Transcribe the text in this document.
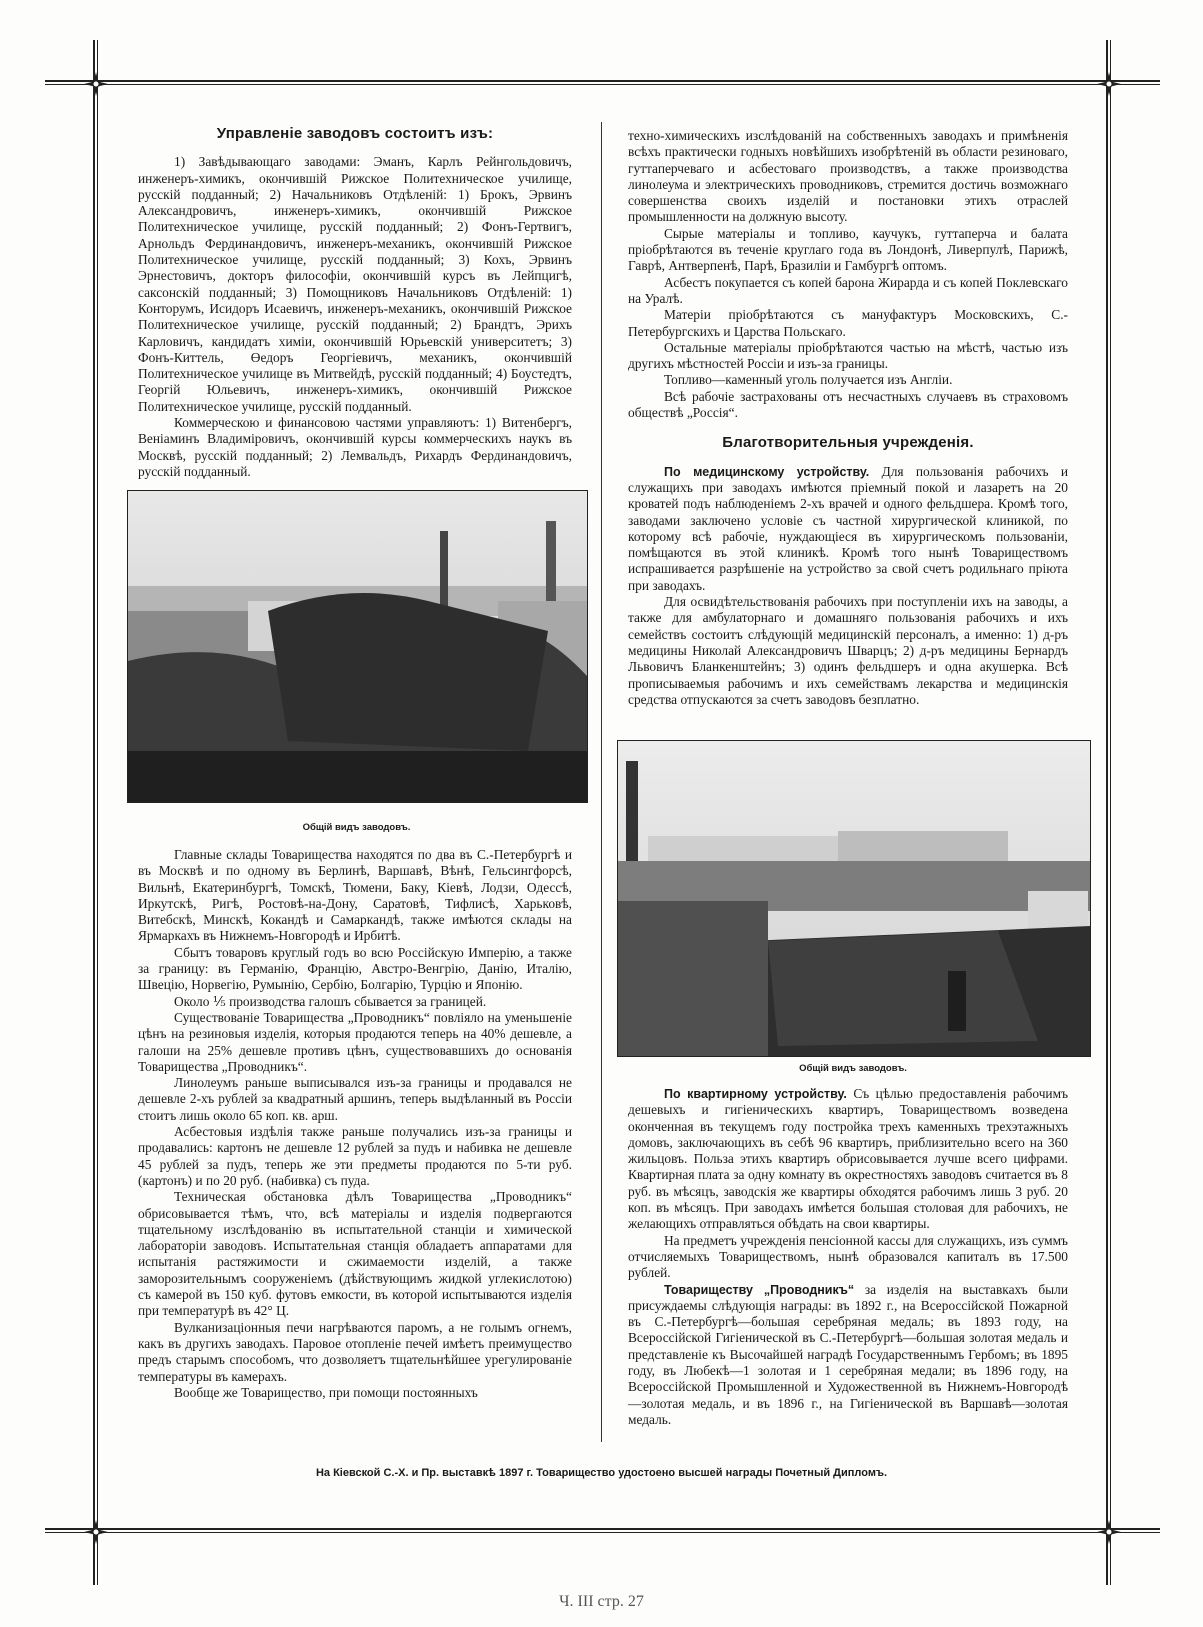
Управленіе заводовъ состоитъ изъ:

1) Завѣдывающаго заводами: Эманъ, Карлъ Рейнгольдовичъ, инженеръ-химикъ, окончившій Рижское Политехническое училище, русскій подданный; 2) Начальниковъ Отдѣленій: 1) Брокъ, Эрвинъ Александровичъ, инженеръ-химикъ, окончившій Рижское Политехническое училище, русскій подданный; 2) Фонъ-Гертвигъ, Арнольдъ Фердинандовичъ, инженеръ-механикъ, окончившій Рижское Политехническое училище, русскій подданный; 3) Кохъ, Эрвинъ Эрнестовичъ, докторъ философіи, окончившій курсъ въ Лейпцигѣ, саксонскій подданный; 3) Помощниковъ Начальниковъ Отдѣленій: 1) Конторумъ, Исидоръ Исаевичъ, инженеръ-механикъ, окончившій Рижское Политехническое училище, русскій подданный; 2) Брандтъ, Эрихъ Карловичъ, кандидатъ химіи, окончившій Юрьевскій университетъ; 3) Фонъ-Киттель, Өедоръ Георгіевичъ, механикъ, окончившій Политехническое училище въ Митвейдѣ, русскій подданный; 4) Боустедтъ, Георгій Юльевичъ, инженеръ-химикъ, окончившій Рижское Политехническое училище, русскій подданный.

Коммерческою и финансовою частями управляютъ: 1) Витенбергъ, Веніаминъ Владиміровичъ, окончившій курсы коммерческихъ наукъ въ Москвѣ, русскій подданный; 2) Лемвальдъ, Рихардъ Фердинандовичъ, русскій подданный.

Общій видъ заводовъ.

Главные склады Товарищества находятся по два въ С.-Петербургѣ и въ Москвѣ и по одному въ Берлинѣ, Варшавѣ, Вѣнѣ, Гельсингфорсѣ, Вильнѣ, Екатеринбургѣ, Томскѣ, Тюмени, Баку, Кіевѣ, Лодзи, Одессѣ, Иркутскѣ, Ригѣ, Ростовѣ-на-Дону, Саратовѣ, Тифлисѣ, Харьковѣ, Витебскѣ, Минскѣ, Кокандѣ и Самаркандѣ, также имѣются склады на Ярмаркахъ въ Нижнемъ-Новгородѣ и Ирбитѣ.

Сбытъ товаровъ круглый годъ во всю Россійскую Имперію, а также за границу: въ Германію, Францію, Австро-Венгрію, Данію, Италію, Швецію, Норвегію, Румынію, Сербію, Болгарію, Турцію и Японію.

Около ⅕ производства галошъ сбывается за границей.

Существованіе Товарищества „Проводникъ“ повліяло на уменьшеніе цѣнъ на резиновыя изделія, которыя продаются теперь на 40% дешевле, а галоши на 25% дешевле противъ цѣнъ, существовавшихъ до основанія Товарищества „Проводникъ“.

Линолеумъ раньше выписывался изъ-за границы и продавался не дешевле 2-хъ рублей за квадратный аршинъ, теперь выдѣланный въ Россіи стоитъ лишь около 65 коп. кв. арш.

Асбестовыя издѣлія также раньше получались изъ-за границы и продавались: картонъ не дешевле 12 рублей за пудъ и набивка не дешевле 45 рублей за пудъ, теперь же эти предметы продаются по 5-ти руб. (картонъ) и по 20 руб. (набивка) съ пуда.

Техническая обстановка дѣлъ Товарищества „Проводникъ“ обрисовывается тѣмъ, что, всѣ матеріалы и изделія подвергаются тщательному изслѣдованію въ испытательной станціи и химической лабораторіи заводовъ. Испытательная станція обладаетъ аппаратами для испытанія растяжимости и сжимаемости изделій, а также заморозительнымъ сооруженіемъ (дѣйствующимъ жидкой углекислотою) съ камерой въ 150 куб. футовъ емкости, въ которой испытываются изделія при температурѣ въ 42° Ц.

Вулканизаціонныя печи нагрѣваются паромъ, а не голымъ огнемъ, какъ въ другихъ заводахъ. Паровое отопленіе печей имѣетъ преимущество предъ старымъ способомъ, что дозволяетъ тщательнѣйшее урегулированіе температуры въ камерахъ.

Вообще же Товарищество, при помощи постоянныхъ

техно-химическихъ изслѣдованій на собственныхъ заводахъ и примѣненія всѣхъ практически годныхъ новѣйшихъ изобрѣтеній въ области резиноваго, гуттаперчеваго и асбестоваго производствъ, а также производства линолеума и электрическихъ проводниковъ, стремится достичь возможнаго совершенства своихъ изделій и постановки этихъ отраслей промышленности на должную высоту.

Сырые матеріалы и топливо, каучукъ, гуттаперча и балата пріобрѣтаются въ теченіе круглаго года въ Лондонѣ, Ливерпулѣ, Парижѣ, Гаврѣ, Антверпенѣ, Парѣ, Бразиліи и Гамбургѣ оптомъ.

Асбестъ покупается съ копей барона Жирарда и съ копей Поклевскаго на Уралѣ.

Матеріи пріобрѣтаются съ мануфактуръ Московскихъ, С.-Петербургскихъ и Царства Польскаго.

Остальные матеріалы пріобрѣтаются частью на мѣстѣ, частью изъ другихъ мѣстностей Россіи и изъ-за границы.

Топливо—каменный уголь получается изъ Англіи.

Всѣ рабочіе застрахованы отъ несчастныхъ случаевъ въ страховомъ обществѣ „Россія“.

Благотворительныя учрежденія.

По медицинскому устройству. Для пользованія рабочихъ и служащихъ при заводахъ имѣются пріемный покой и лазаретъ на 20 кроватей подъ наблюденіемъ 2-хъ врачей и одного фельдшера. Кромѣ того, заводами заключено условіе съ частной хирургической клиникой, по которому всѣ рабочіе, нуждающіеся въ хирургическомъ пользованіи, помѣщаются въ этой клиникѣ. Кромѣ того нынѣ Товариществомъ испрашивается разрѣшеніе на устройство за свой счетъ родильнаго пріюта при заводахъ.

Для освидѣтельствованія рабочихъ при поступленіи ихъ на заводы, а также для амбулаторнаго и домашняго пользованія рабочихъ и ихъ семействъ состоитъ слѣдующій медицинскій персоналъ, а именно: 1) д-ръ медицины Николай Александровичъ Шварцъ; 2) д-ръ медицины Бернардъ Львовичъ Бланкенштейнъ; 3) одинъ фельдшеръ и одна акушерка. Всѣ прописываемыя рабочимъ и ихъ семействамъ лекарства и медицинскія средства отпускаются за счетъ заводовъ безплатно.

Общій видъ заводовъ.

По квартирному устройству. Съ цѣлью предоставленія рабочимъ дешевыхъ и гигіеническихъ квартиръ, Товариществомъ возведена оконченная въ текущемъ году постройка трехъ каменныхъ трехэтажныхъ домовъ, заключающихъ въ себѣ 96 квартиръ, приблизительно всего на 360 жильцовъ. Польза этихъ квартиръ обрисовывается лучше всего цифрами. Квартирная плата за одну комнату въ окрестностяхъ заводовъ считается въ 8 руб. въ мѣсяцъ, заводскія же квартиры обходятся рабочимъ лишь 3 руб. 20 коп. въ мѣсяцъ. При заводахъ имѣется большая столовая для рабочихъ, не желающихъ отправляться обѣдать на свои квартиры.

На предметъ учрежденія пенсіонной кассы для служащихъ, изъ суммъ отчисляемыхъ Товариществомъ, нынѣ образовался капиталъ въ 17.500 рублей.

Товариществу „Проводникъ“ за изделія на выставкахъ были присуждаемы слѣдующія награды: въ 1892 г., на Всероссійской Пожарной въ С.-Петербургѣ—большая серебряная медаль; въ 1893 году, на Всероссійской Гигіенической въ С.-Петербургѣ—большая золотая медаль и представленіе къ Высочайшей наградѣ Государственнымъ Гербомъ; въ 1895 году, въ Любекѣ—1 золотая и 1 серебряная медали; въ 1896 году, на Всероссійской Промышленной и Художественной въ Нижнемъ-Новгородѣ—золотая медаль, и въ 1896 г., на Гигіенической въ Варшавѣ—золотая медаль.

На Кіевской С.-Х. и Пр. выставкѣ 1897 г. Товарищество удостоено высшей награды Почетный Дипломъ.
Ч. III стр. 27
